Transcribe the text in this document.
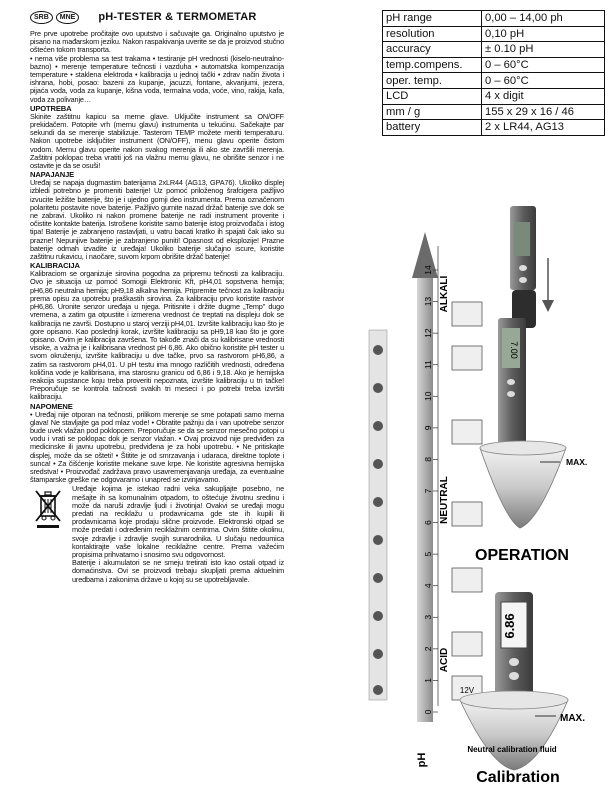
SRB	MNE	pH-TESTER & TERMOMETAR

Pre prve upotrebe pročitajte ovo uputstvo i sačuvajte ga. Originalno uputstvo je pisano na mađarskom jeziku. Nakon raspakivanja uverite se da je proizvod stučno oštećen tokom transporta.

• nema više problema sa test trakama • testiranje pH vrednosti (kiselo-neutralno-bazno) • merenje temperature tečnosti i vazduha • automatska kompenzacija temperature • staklena elektroda • kalibracija u jednoj tački • zdrav način života i ishrana, hobi, posao: bazeni za kupanje, jacuzzi, fontane, akvarijumi, jezera, pijaća voda, voda za kupanje, kišna voda, termalna voda, voće, vino, rakija, kafa, voda za polivanje…

UPOTREBA

Skinite zaštitnu kapicu sa merne glave. Uključite instrument sa ON/OFF prekidačem. Potopite vrh (mernu glavu) instrumenta u tekućinu. Sačekajte par sekundi da se merenje stabilizuje. Tasterom TEMP možete meriti temperaturu. Nakon upotrebe isključiter instrument (ON/OFF), menu glavu operite čistom vodom. Mernu glavu operite nakon svakog merenja ili ako ste završili merenja. Zaštitni poklopac treba vratiti još na vlažnu mernu glavu, ne obrišite senzor i ne ostavite je da se osuši!

NAPAJANJE

Uređaj se napaja dugmastim baterijama 2xLR44 (AG13, GPA76). Ukoliko displej izbledi potrebno je promeniti baterije! Uz pomoć priloženog šrafcigera pažljivo izvucite ležište baterije, što je i ujedno gornji deo instrumenta. Prema označenom polaritetu postavite nove baterije. Pažljivo gurnite nazad držač baterije sve dok se ne zabravi. Ukoliko ni nakon promene baterije ne radi instrument proverite i očistite kontakte baterija. Istrošene koristite samo baterije istog proizvođača i istog tipa! Baterije je zabranjeno rastavljati, u vatru bacati kratko ih spajati čak iako su prazne! Nepunjive baterije je zabranjeno puniti! Opasnost od eksplozije! Prazne baterije odmah izvadite iz uređaja! Ukoliko baterije slučajno iscure, koristite zaštitnu rukavicu, i naočare, suvom krpom obrišite držač baterije!

KALIBRACIJA

Kalibraciom se organizuje sirovina pogodna za pripremu tečnosti za kalibraciju. Ovo je situacija uz pomoć Somogii Elektronic Kft, pH4,01 sopstvena hemija; pH6,86 neutralna hemija; pH9,18 alkalna hemija. Pripremite tečnost za kalibraciju prema opisu za upotrebu praškastih sirovina. Za kalibraciju prvo koristite rastvor pH6,86. Uronite senzor uređaja u njega. Pritisnite i držite dugme „Temp" dugo vremena, a zatim ga otpustite i izmerena vrednost će treptati na displeju dok se kalibracija ne završi. Dostupno u staroj verziji pH4,01. Izvršite kalibraciju kao što je gore opisano. Kao poslednji korak, izvršite kalibraciju sa pH9,18 kao što je gore opisano. Ovim je kalibracija završena. To takođe znači da su kalibrisane vrednosti visoke, a važna je i kalibrisana vrednost pH 6,86. Ako obično koristite pH tester u svom okruženju, izvršite kalibraciju u dve tačke, prvo sa rastvorom pH6,86, a zatim sa rastvorom pH4,01. U pH testu ima mnogo različitih vrednosti, određena količina vode je kalibrisana, ima starosnu granicu od 6,86 i 9,18. Ako je hemijska reakcija supstance koju treba proveriti nepoznata, izvršite kalibraciju u tri tačke! Preporučuje se kontrola tačnosti svakih tri meseci i po potrebi treba izvršiti kalibraciju.

NAPOMENE

• Uređaj nije otporan na tečnosti, prilikom merenje se sme potapati samo merna glava! Ne stavljajte ga pod mlaz vode! • Obratite pažnju da i van upotrebe senzor bude uvek vlažan pod poklopcem. Preporučuje se da se senzor mesečno potopi u vodu i vrati se poklopac dok je senzor vlažan. • Ovaj proizvod nije predviđen za medicinske ili javnu upotrebu, predviđena je za hobi upotrebu. • Ne pritiskajte displej, može da se ošteti! • Štitite je od smrzavanja i udaraca, direktne toplote i sunca! • Za čišćenje koristite mekane suve krpe. Ne koristite agresivna hemijska sredstva! • Proizvođač zadržava pravo usavremenjavanja uređaja, za eventualne štamparske greške ne odgovaramo i unapred se izvinjavamo.

Uređaje kojima je istekao radni veka sakupljajte posebno, ne mešajte ih sa komunalnim otpadom, to oštećuje životnu sredinu i može da naruši zdravlje ljudi i životinja! Ovakvi se uređaji mogu predati na reciklažu u prodavnicama gde ste ih kupili ili prodavnicama koje prodaju slične proizvode. Elektronski otpad se može predati i određenim reciklažnim centrima. Ovim štitite okolinu, svoje zdravlje i zdravlje svojih sunarodnika. U slučaju nedoumica kontaktirajte vaše lokalne reciklažne centre. Prema važećim propisima prihvatamo i snosimo svu odgovornost.

Baterije i akumulatori se ne smeju tretirati isto kao ostali otpad iz domaćinstva. Ovi se proizvodi trebaju skupljati prema aktuelnim uredbama i zakonima države u kojoj su se upotrebljavale.

pH range	0,00 – 14,00 ph
resolution	0,10 pH
accuracy	± 0.10 pH
temp.compens.	0 – 60°C
oper. temp.	0 – 60°C
LCD	4 x digit
mm / g	155 x 29 x 16 / 46
battery	2 x LR44, AG13
0
1
2
3
4
5
6
7
8
9
10
11
12
13
14
pH
ACID
NEUTRAL
ALKALI
12V
7.00
MAX.
OPERATION
6.86
MAX.
Neutral calibration fluid
Calibration
